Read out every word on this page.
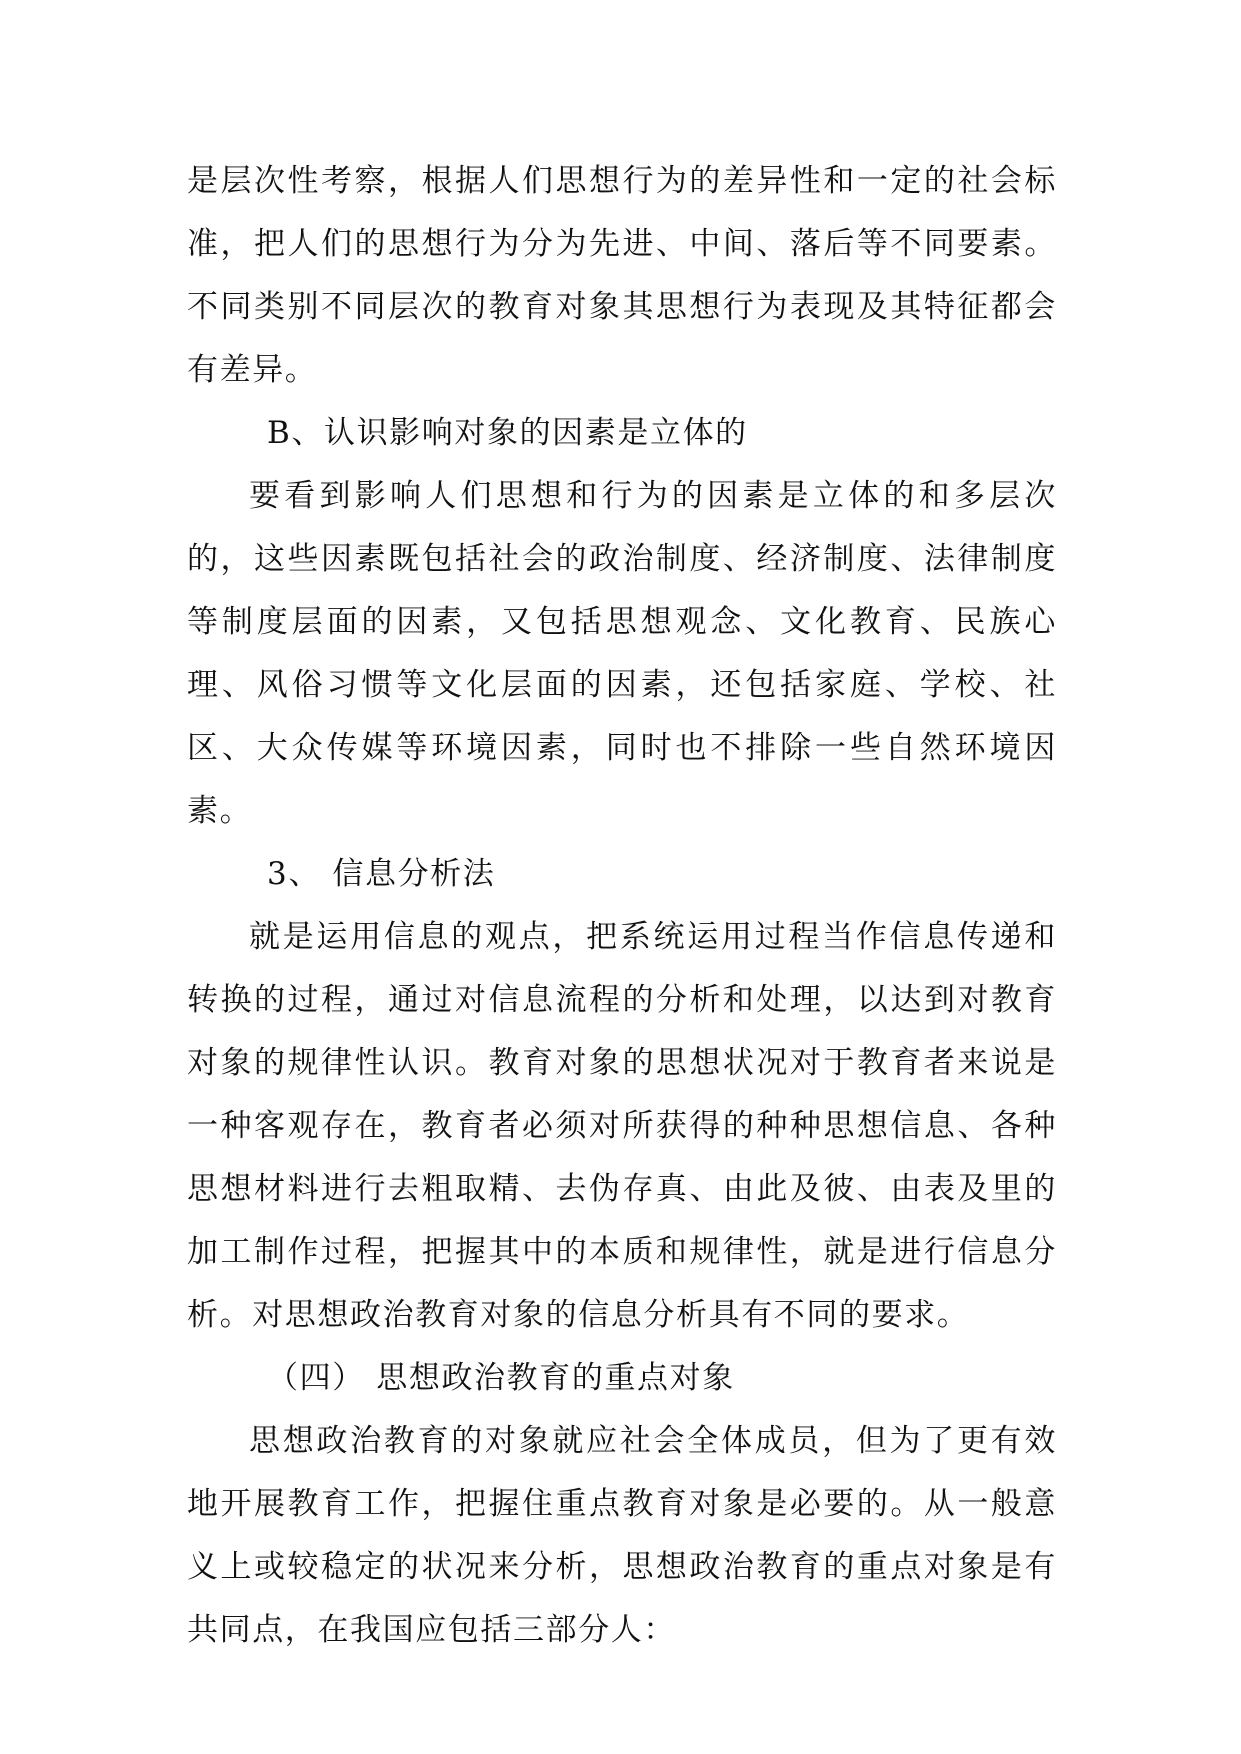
是层次性考察，根据人们思想行为的差异性和一定的社会标准，把人们的思想行为分为先进、中间、落后等不同要素。不同类别不同层次的教育对象其思想行为表现及其特征都会有差异。

B、认识影响对象的因素是立体的

要看到影响人们思想和行为的因素是立体的和多层次的，这些因素既包括社会的政治制度、经济制度、法律制度等制度层面的因素，又包括思想观念、文化教育、民族心理、风俗习惯等文化层面的因素，还包括家庭、学校、社区、大众传媒等环境因素，同时也不排除一些自然环境因素。

3、 信息分析法

就是运用信息的观点，把系统运用过程当作信息传递和转换的过程，通过对信息流程的分析和处理，以达到对教育对象的规律性认识。教育对象的思想状况对于教育者来说是一种客观存在，教育者必须对所获得的种种思想信息、各种思想材料进行去粗取精、去伪存真、由此及彼、由表及里的加工制作过程，把握其中的本质和规律性，就是进行信息分析。对思想政治教育对象的信息分析具有不同的要求。

（四） 思想政治教育的重点对象

思想政治教育的对象就应社会全体成员，但为了更有效地开展教育工作，把握住重点教育对象是必要的。从一般意义上或较稳定的状况来分析，思想政治教育的重点对象是有共同点，在我国应包括三部分人：
